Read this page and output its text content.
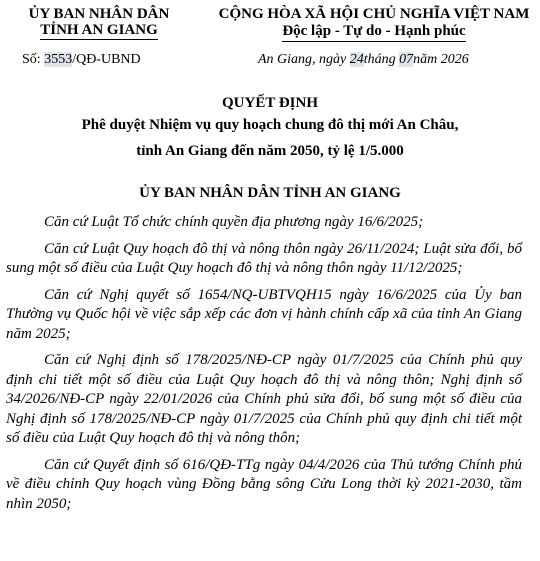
ỦY BAN NHÂN DÂN
TỈNH AN GIANG
CỘNG HÒA XÃ HỘI CHỦ NGHĨA VIỆT NAM
Độc lập - Tự do - Hạnh phúc
Số: 3553/QĐ-UBND	An Giang, ngày 24tháng 07năm 2026
QUYẾT ĐỊNH
Phê duyệt Nhiệm vụ quy hoạch chung đô thị mới An Châu,
tỉnh An Giang đến năm 2050, tỷ lệ 1/5.000
ỦY BAN NHÂN DÂN TỈNH AN GIANG

Căn cứ Luật Tổ chức chính quyền địa phương ngày 16/6/2025;

Căn cứ Luật Quy hoạch đô thị và nông thôn ngày 26/11/2024; Luật sửa đổi, bổ sung một số điều của Luật Quy hoạch đô thị và nông thôn ngày 11/12/2025;

Căn cứ Nghị quyết số 1654/NQ-UBTVQH15 ngày 16/6/2025 của Ủy ban Thường vụ Quốc hội về việc sắp xếp các đơn vị hành chính cấp xã của tỉnh An Giang năm 2025;

Căn cứ Nghị định số 178/2025/NĐ-CP ngày 01/7/2025 của Chính phủ quy định chi tiết một số điều của Luật Quy hoạch đô thị và nông thôn; Nghị định số 34/2026/NĐ-CP ngày 22/01/2026 của Chính phủ sửa đổi, bổ sung một số điều của Nghị định số 178/2025/NĐ-CP ngày 01/7/2025 của Chính phủ quy định chi tiết một số điều của Luật Quy hoạch đô thị và nông thôn;

Căn cứ Quyết định số 616/QĐ-TTg ngày 04/4/2026 của Thủ tướng Chính phủ về điều chỉnh Quy hoạch vùng Đồng bằng sông Cửu Long thời kỳ 2021-2030, tầm nhìn 2050;
